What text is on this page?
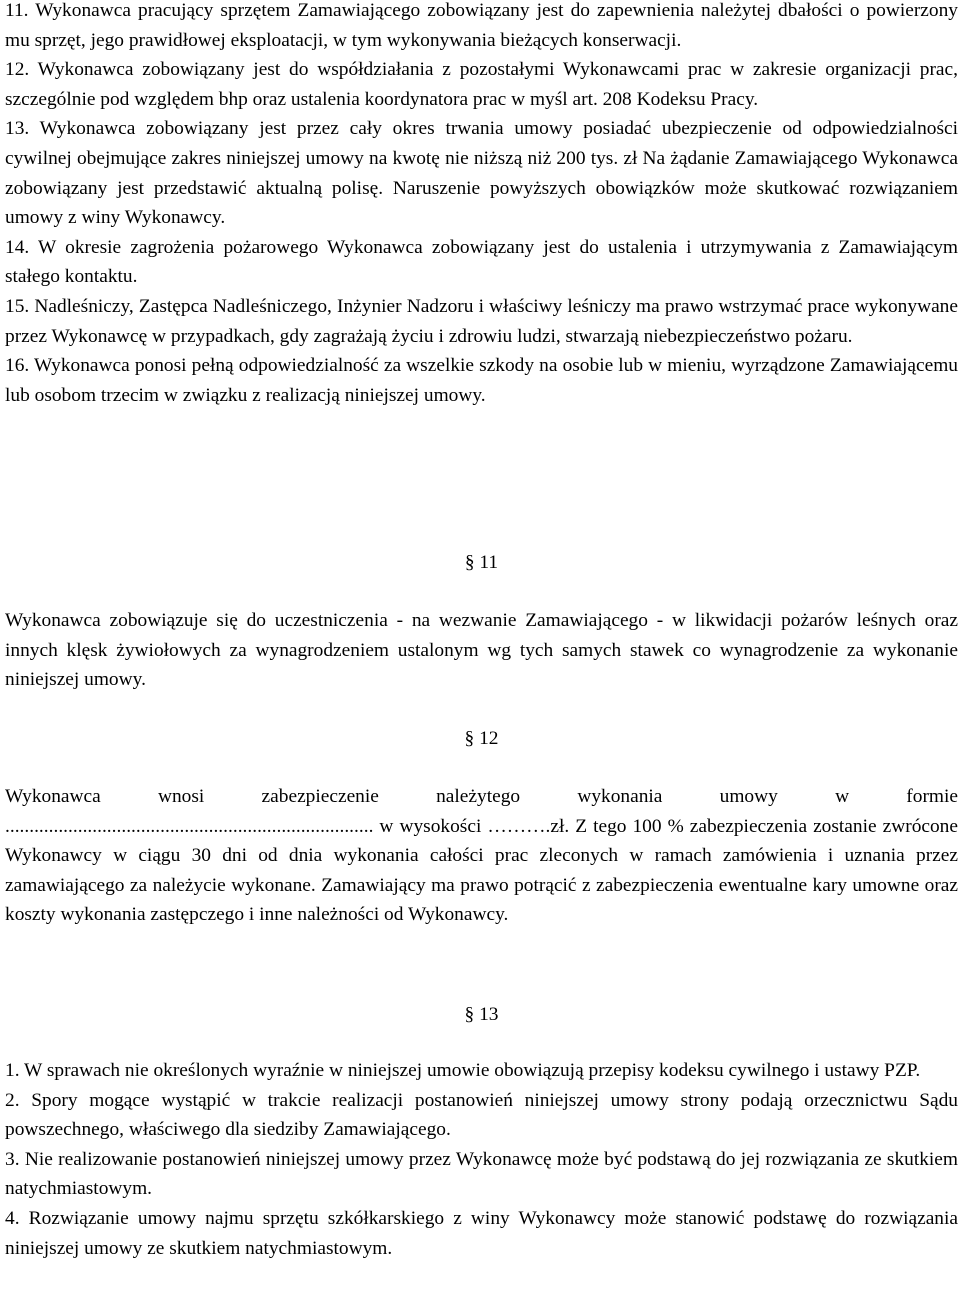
11. Wykonawca pracujący sprzętem Zamawiającego zobowiązany jest do zapewnienia należytej dbałości o powierzony mu sprzęt, jego prawidłowej eksploatacji, w tym wykonywania bieżących konserwacji.

12. Wykonawca zobowiązany jest do współdziałania z pozostałymi Wykonawcami prac w zakresie organizacji prac, szczególnie pod względem bhp oraz ustalenia koordynatora prac w myśl art. 208 Kodeksu Pracy.

13. Wykonawca zobowiązany jest przez cały okres trwania umowy posiadać ubezpieczenie od odpowiedzialności cywilnej obejmujące zakres niniejszej umowy na kwotę nie niższą niż 200 tys. zł Na żądanie Zamawiającego Wykonawca zobowiązany jest przedstawić aktualną polisę. Naruszenie powyższych obowiązków może skutkować rozwiązaniem umowy z winy Wykonawcy.

14. W okresie zagrożenia pożarowego Wykonawca zobowiązany jest do ustalenia i utrzymywania z Zamawiającym stałego kontaktu.

15. Nadleśniczy, Zastępca Nadleśniczego, Inżynier Nadzoru i właściwy leśniczy ma prawo wstrzymać prace wykonywane przez Wykonawcę w przypadkach, gdy zagrażają życiu i zdrowiu ludzi, stwarzają niebezpieczeństwo pożaru.

16. Wykonawca ponosi pełną odpowiedzialność za wszelkie szkody na osobie lub w mieniu, wyrządzone Zamawiającemu lub osobom trzecim w związku z realizacją niniejszej umowy.

§ 11

Wykonawca zobowiązuje się do uczestniczenia - na wezwanie Zamawiającego - w likwidacji pożarów leśnych oraz innych klęsk żywiołowych za wynagrodzeniem ustalonym wg tych samych stawek co wynagrodzenie za wykonanie niniejszej umowy.

§ 12

Wykonawca wnosi zabezpieczenie należytego wykonania umowy w formie ............................................................................ w wysokości ……….zł. Z tego 100 % zabezpieczenia zostanie zwrócone Wykonawcy w ciągu 30 dni od dnia wykonania całości prac zleconych w ramach zamówienia i uznania przez zamawiającego za należycie wykonane. Zamawiający ma prawo potrącić z zabezpieczenia ewentualne kary umowne oraz koszty wykonania zastępczego i inne należności od Wykonawcy.

§ 13

1. W sprawach nie określonych wyraźnie w niniejszej umowie obowiązują przepisy kodeksu cywilnego i ustawy PZP.

2. Spory mogące wystąpić w trakcie realizacji postanowień niniejszej umowy strony podają orzecznictwu Sądu powszechnego, właściwego dla siedziby Zamawiającego.

3. Nie realizowanie postanowień niniejszej umowy przez Wykonawcę może być podstawą do jej rozwiązania ze skutkiem natychmiastowym.

4. Rozwiązanie umowy najmu sprzętu szkółkarskiego z winy Wykonawcy może stanowić podstawę do rozwiązania niniejszej umowy ze skutkiem natychmiastowym.
